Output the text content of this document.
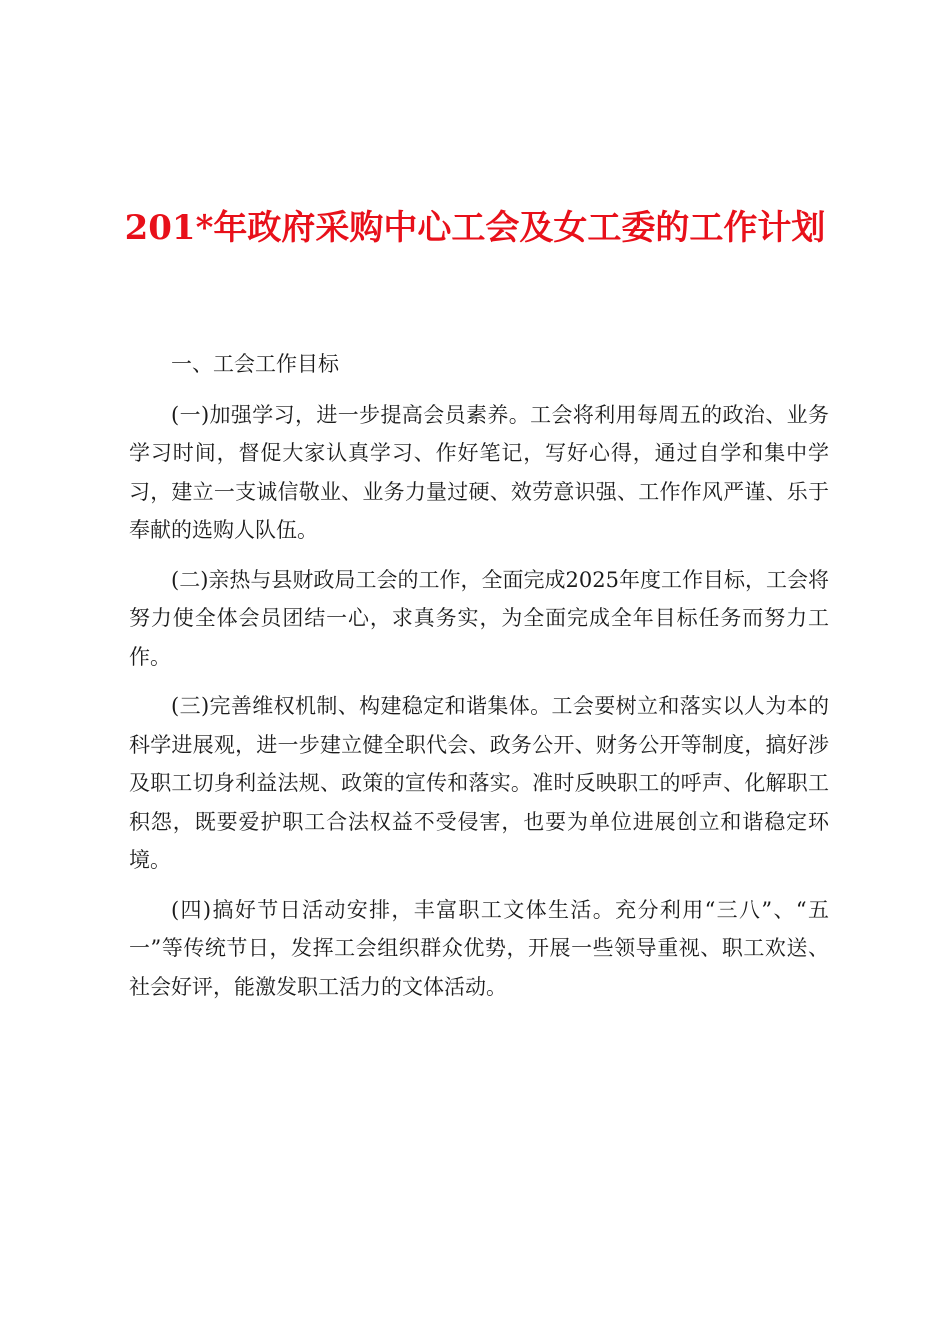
201*年政府采购中心工会及女工委的工作计划

一、工会工作目标

(一)加强学习，进一步提高会员素养。工会将利用每周五的政治、业务学习时间，督促大家认真学习、作好笔记，写好心得，通过自学和集中学习，建立一支诚信敬业、业务力量过硬、效劳意识强、工作作风严谨、乐于奉献的选购人队伍。

(二)亲热与县财政局工会的工作，全面完成2025年度工作目标，工会将努力使全体会员团结一心，求真务实，为全面完成全年目标任务而努力工作。

(三)完善维权机制、构建稳定和谐集体。工会要树立和落实以人为本的科学进展观，进一步建立健全职代会、政务公开、财务公开等制度，搞好涉及职工切身利益法规、政策的宣传和落实。准时反映职工的呼声、化解职工积怨，既要爱护职工合法权益不受侵害，也要为单位进展创立和谐稳定环境。

(四)搞好节日活动安排，丰富职工文体生活。充分利用“三八”、“五一”等传统节日，发挥工会组织群众优势，开展一些领导重视、职工欢送、社会好评，能激发职工活力的文体活动。
